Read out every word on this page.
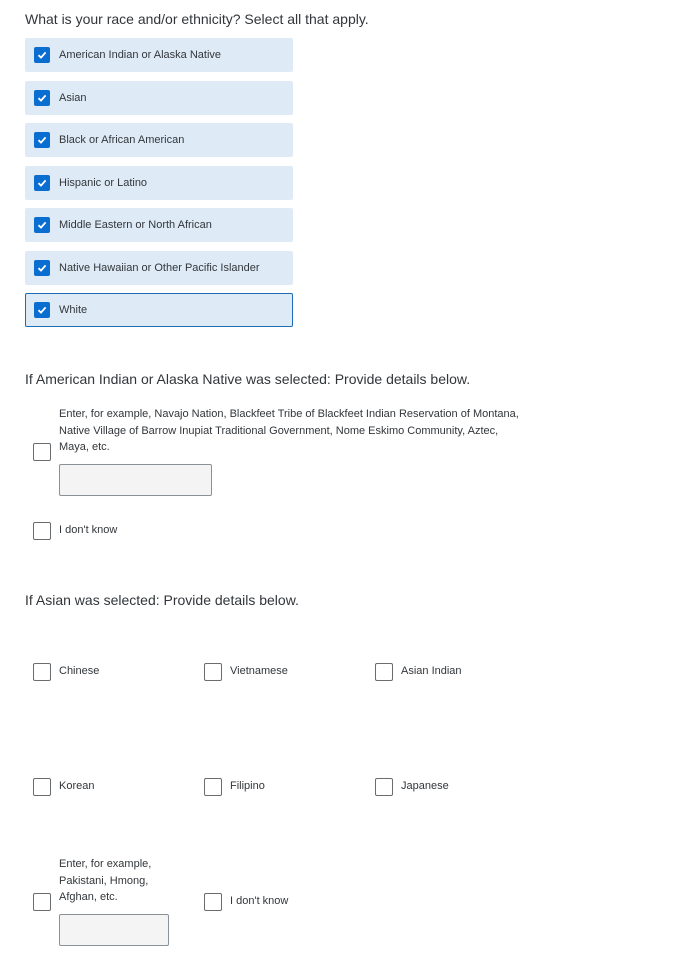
What is your race and/or ethnicity? Select all that apply.
American Indian or Alaska Native
Asian
Black or African American
Hispanic or Latino
Middle Eastern or North African
Native Hawaiian or Other Pacific Islander
White
If American Indian or Alaska Native was selected: Provide details below.
Enter, for example, Navajo Nation, Blackfeet Tribe of Blackfeet Indian Reservation of Montana, Native Village of Barrow Inupiat Traditional Government, Nome Eskimo Community, Aztec, Maya, etc.
I don't know
If Asian was selected: Provide details below.
Chinese	Vietnamese	Asian Indian
Korean	Filipino	Japanese
Enter, for example, Pakistani, Hmong, Afghan, etc.	I don't know
